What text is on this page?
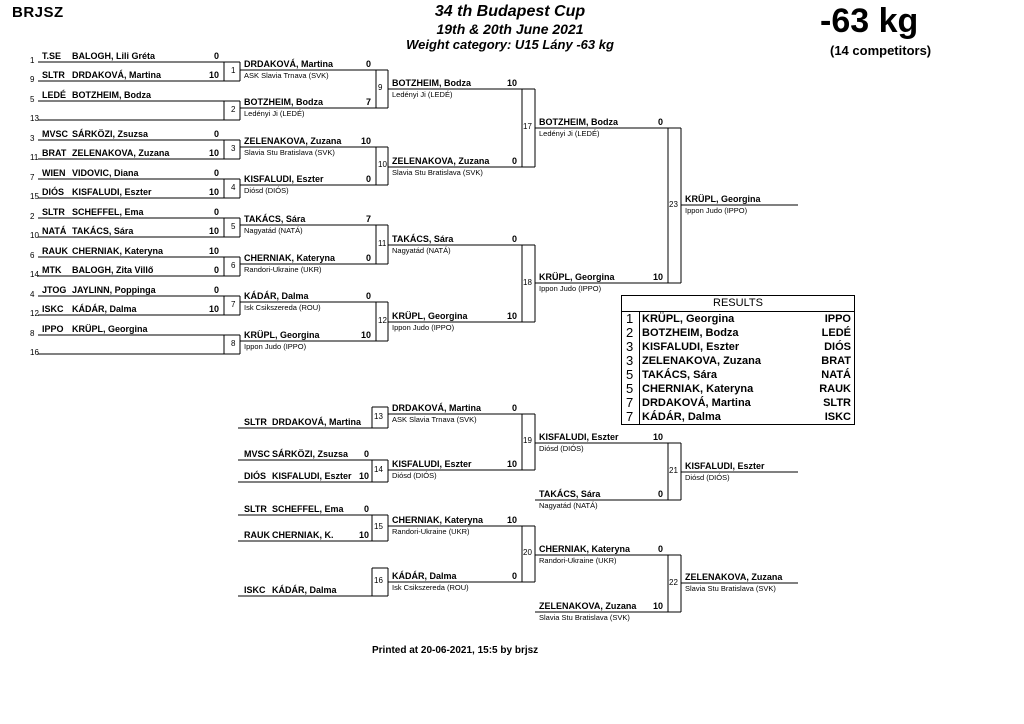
BRJSZ	34 th Budapest Cup
19th & 20th June 2021
Weight category: U15 Lány -63 kg
-63 kg
(14 competitors)
1 T.SE BALOGH, Lili Gréta	0
9 SLTR DRDAKOVÁ, Martina	10
5 LEDÉ BOTZHEIM, Bodza
13
3 MVSC SÁRKÖZI, Zsuzsa	0
11 BRAT ZELENAKOVA, Zuzana	10
7 WIEN VIDOVIC, Diana	0
15 DIÓS KISFALUDI, Eszter	10
2 SLTR SCHEFFEL, Ema	0
10 NATÁ TAKÁCS, Sára	10
6 RAUK CHERNIAK, Kateryna	10
14 MTK BALOGH, Zita Villő	0
4 JTOG JAYLINN, Poppinga	0
12 ISKC KÁDÁR, Dalma	10
8 IPPO KRÜPL, Georgina
16
1
2
3
4
5
6
7
8
DRDAKOVÁ, Martina
ASK Slavia Trnava (SVK)
0
BOTZHEIM, Bodza
Ledényi Ji (LEDÉ)
7
ZELENAKOVA, Zuzana
Slavia Stu Bratislava (SVK)
10
KISFALUDI, Eszter
Diósd (DIÓS)
0
TAKÁCS, Sára
Nagyatád (NATÁ)
7
CHERNIAK, Kateryna
Randori-Ukraine (UKR)
0
KÁDÁR, Dalma
Isk Csikszereda (ROU)
0
KRÜPL, Georgina
Ippon Judo (IPPO)
10
9 BOTZHEIM, Bodza
Ledényi Ji (LEDÉ)
10
10 ZELENAKOVA, Zuzana
Slavia Stu Bratislava (SVK)
0
11 TAKÁCS, Sára
Nagyatád (NATÁ)
0
12 KRÜPL, Georgina
Ippon Judo (IPPO)
10
17 BOTZHEIM, Bodza
Ledényi Ji (LEDÉ)
0
18 KRÜPL, Georgina
Ippon Judo (IPPO)
10
23
KRÜPL, Georgina
Ippon Judo (IPPO)
SLTR DRDAKOVÁ, Martina
MVSC SÁRKÖZI, Zsuzsa	0
DIÓS KISFALUDI, Eszter 10
SLTR SCHEFFEL, Ema	0
RAUK CHERNIAK, K.	10
ISKC KÁDÁR, Dalma
13
DRDAKOVÁ, Martina
ASK Slavia Trnava (SVK)
0
14
KISFALUDI, Eszter
Diósd (DIÓS)
10
15
CHERNIAK, Kateryna
Randori-Ukraine (UKR)
10
16 KÁDÁR, Dalma
Isk Csikszereda (ROU)
0
19
20
KISFALUDI, Eszter
Diósd (DIÓS)
10
TAKÁCS, Sára
Nagyatád (NATÁ)
0
CHERNIAK, Kateryna
Randori-Ukraine (UKR)
0
ZELENAKOVA, Zuzana
Slavia Stu Bratislava (SVK)
10
21 KISFALUDI, Eszter
Diósd (DIÓS)
22 ZELENAKOVA, Zuzana
Slavia Stu Bratislava (SVK)
RESULTS
1 KRÜPL, Georgina	IPPO
2 BOTZHEIM, Bodza	LEDÉ
3 KISFALUDI, Eszter	DIÓS
3 ZELENAKOVA, Zuzana	BRAT
5 TAKÁCS, Sára	NATÁ
5 CHERNIAK, Kateryna	RAUK
7 DRDAKOVÁ, Martina	SLTR
7 KÁDÁR, Dalma	ISKC
Printed at 20-06-2021, 15:5 by brjsz
